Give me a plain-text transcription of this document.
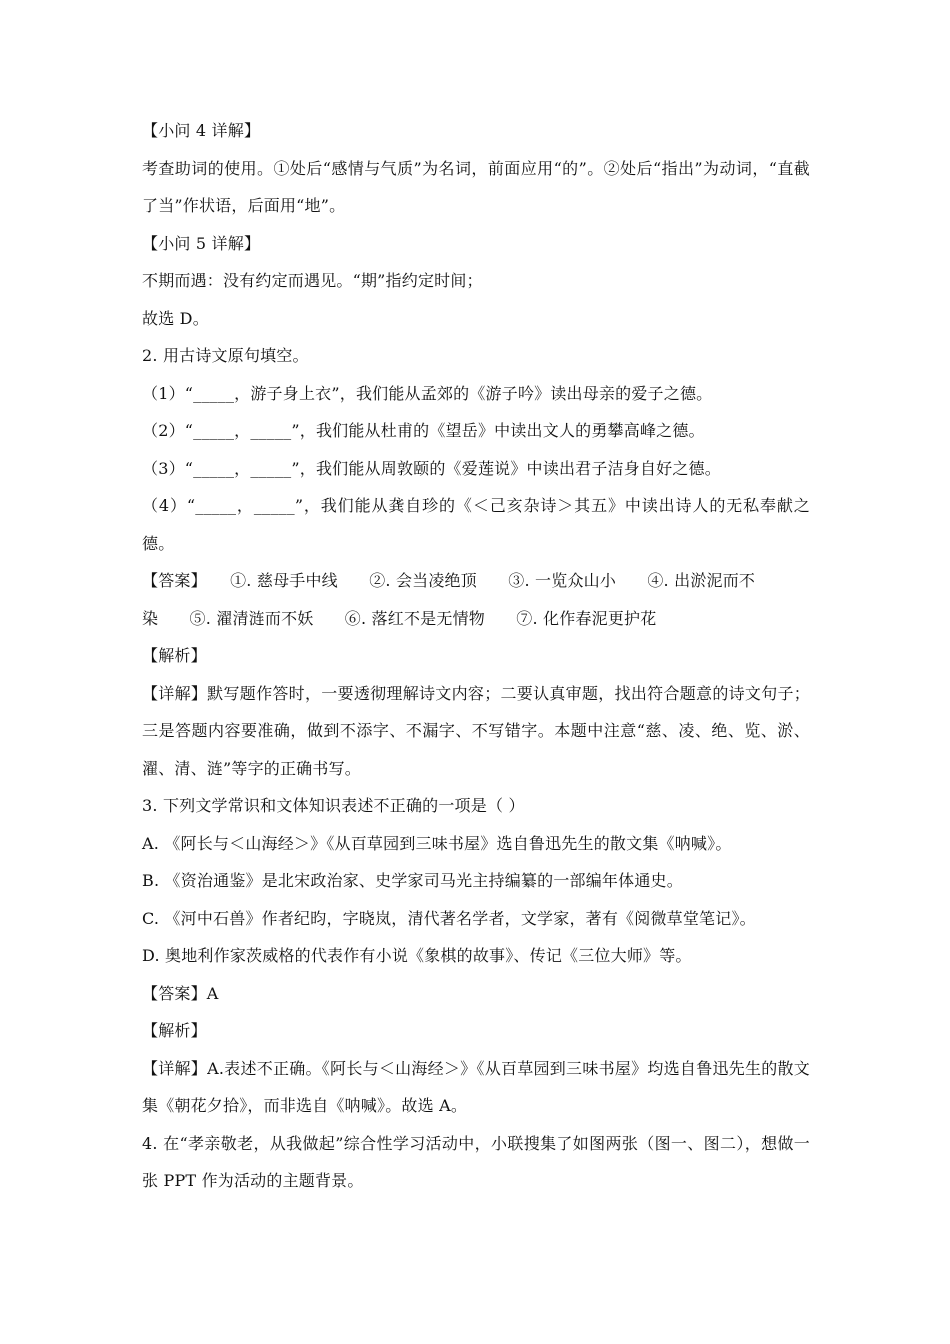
【小问 4 详解】
考查助词的使用。①处后“感情与气质”为名词，前面应用“的”。②处后“指出”为动词，“直截了当”作状语，后面用“地”。
【小问 5 详解】
不期而遇：没有约定而遇见。“期”指约定时间；
故选 D。
2. 用古诗文原句填空。
（1）“_____，游子身上衣”，我们能从孟郊的《游子吟》读出母亲的爱子之德。
（2）“_____，_____”，我们能从杜甫的《望岳》中读出文人的勇攀高峰之德。
（3）“_____，_____”，我们能从周敦颐的《爱莲说》中读出君子洁身自好之德。
（4）“_____，_____”，我们能从龚自珍的《＜己亥杂诗＞其五》中读出诗人的无私奉献之德。
【答案】 ①. 慈母手中线 ②. 会当凌绝顶 ③. 一览众山小 ④. 出淤泥而不
染 ⑤. 濯清涟而不妖 ⑥. 落红不是无情物 ⑦. 化作春泥更护花
【解析】
【详解】默写题作答时，一要透彻理解诗文内容；二要认真审题，找出符合题意的诗文句子；三是答题内容要准确，做到不添字、不漏字、不写错字。本题中注意“慈、凌、绝、览、淤、濯、清、涟”等字的正确书写。
3. 下列文学常识和文体知识表述不正确的一项是（ ）
A. 《阿长与＜山海经＞》《从百草园到三味书屋》选自鲁迅先生的散文集《呐喊》。
B. 《资治通鉴》是北宋政治家、史学家司马光主持编纂的一部编年体通史。
C. 《河中石兽》作者纪昀，字晓岚，清代著名学者，文学家，著有《阅微草堂笔记》。
D. 奥地利作家茨威格的代表作有小说《象棋的故事》、传记《三位大师》等。
【答案】A
【解析】
【详解】A.表述不正确。《阿长与＜山海经＞》《从百草园到三味书屋》均选自鲁迅先生的散文集《朝花夕拾》，而非选自《呐喊》。故选 A。
4. 在“孝亲敬老，从我做起”综合性学习活动中，小联搜集了如图两张（图一、图二），想做一张 PPT 作为活动的主题背景。
